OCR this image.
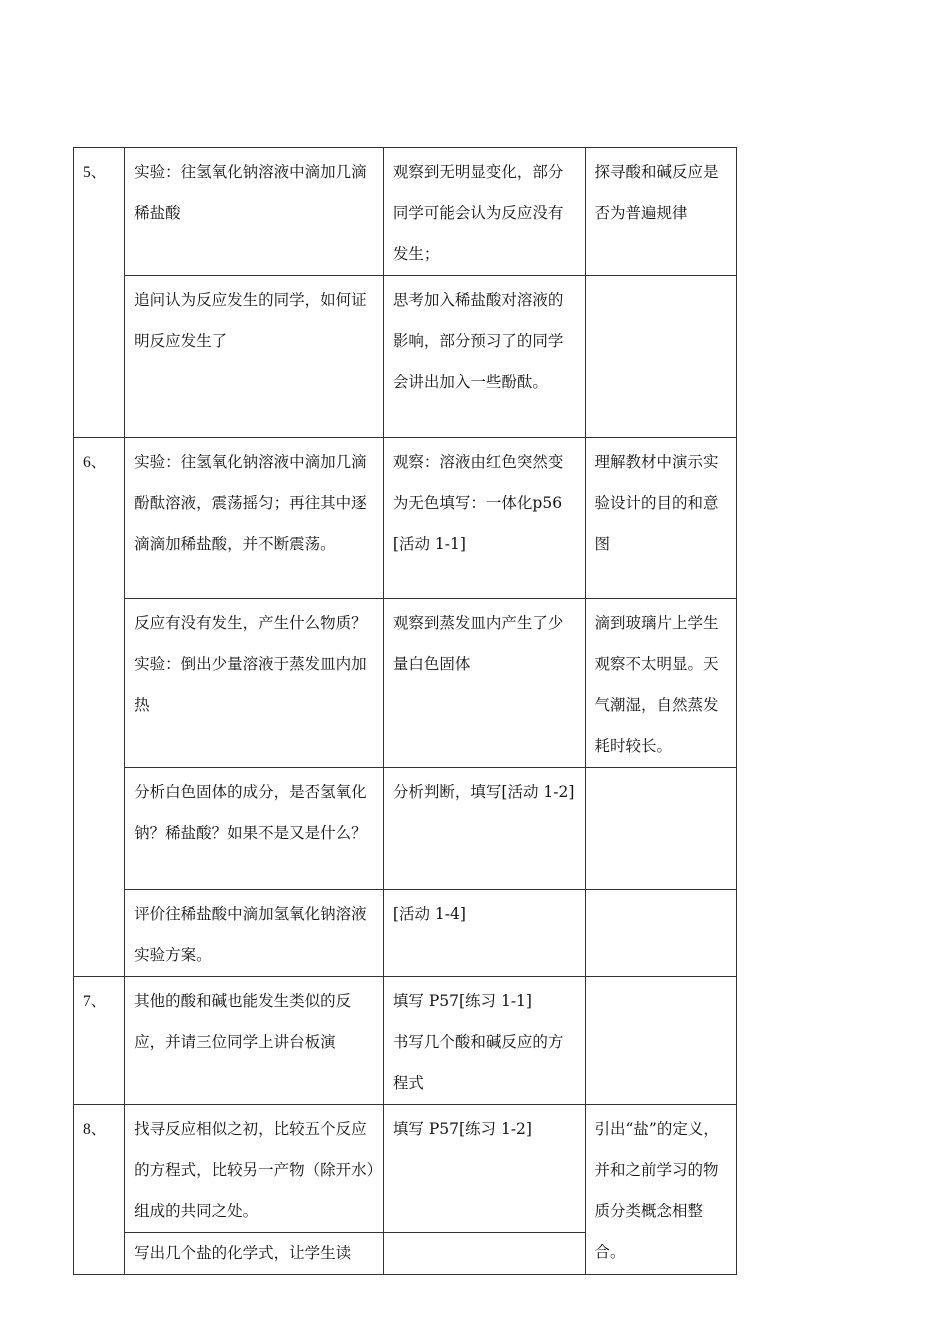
5、	实验：往氢氧化钠溶液中滴加几滴稀盐酸	观察到无明显变化，部分同学可能会认为反应没有发生；	探寻酸和碱反应是否为普遍规律

	追问认为反应发生的同学，如何证明反应发生了	思考加入稀盐酸对溶液的影响，部分预习了的同学会讲出加入一些酚酞。	

6、	实验：往氢氧化钠溶液中滴加几滴酚酞溶液，震荡摇匀；再往其中逐滴滴加稀盐酸，并不断震荡。	观察：溶液由红色突然变为无色填写：一体化p56[活动 1-1]	理解教材中演示实验设计的目的和意图

	反应有没有发生，产生什么物质？
实验：倒出少量溶液于蒸发皿内加热	观察到蒸发皿内产生了少量白色固体	滴到玻璃片上学生观察不太明显。天气潮湿，自然蒸发耗时较长。

	分析白色固体的成分，是否氢氧化钠？稀盐酸？如果不是又是什么？	分析判断，填写[活动 1-2]	

	评价往稀盐酸中滴加氢氧化钠溶液实验方案。	[活动 1-4]	

7、	其他的酸和碱也能发生类似的反应，并请三位同学上讲台板演	填写 P57[练习 1-1]
书写几个酸和碱反应的方程式	

8、	找寻反应相似之初，比较五个反应的方程式，比较另一产物（除开水）组成的共同之处。	填写 P57[练习 1-2]	引出“盐”的定义，并和之前学习的物质分类概念相整合。

	写出几个盐的化学式，让学生读		
